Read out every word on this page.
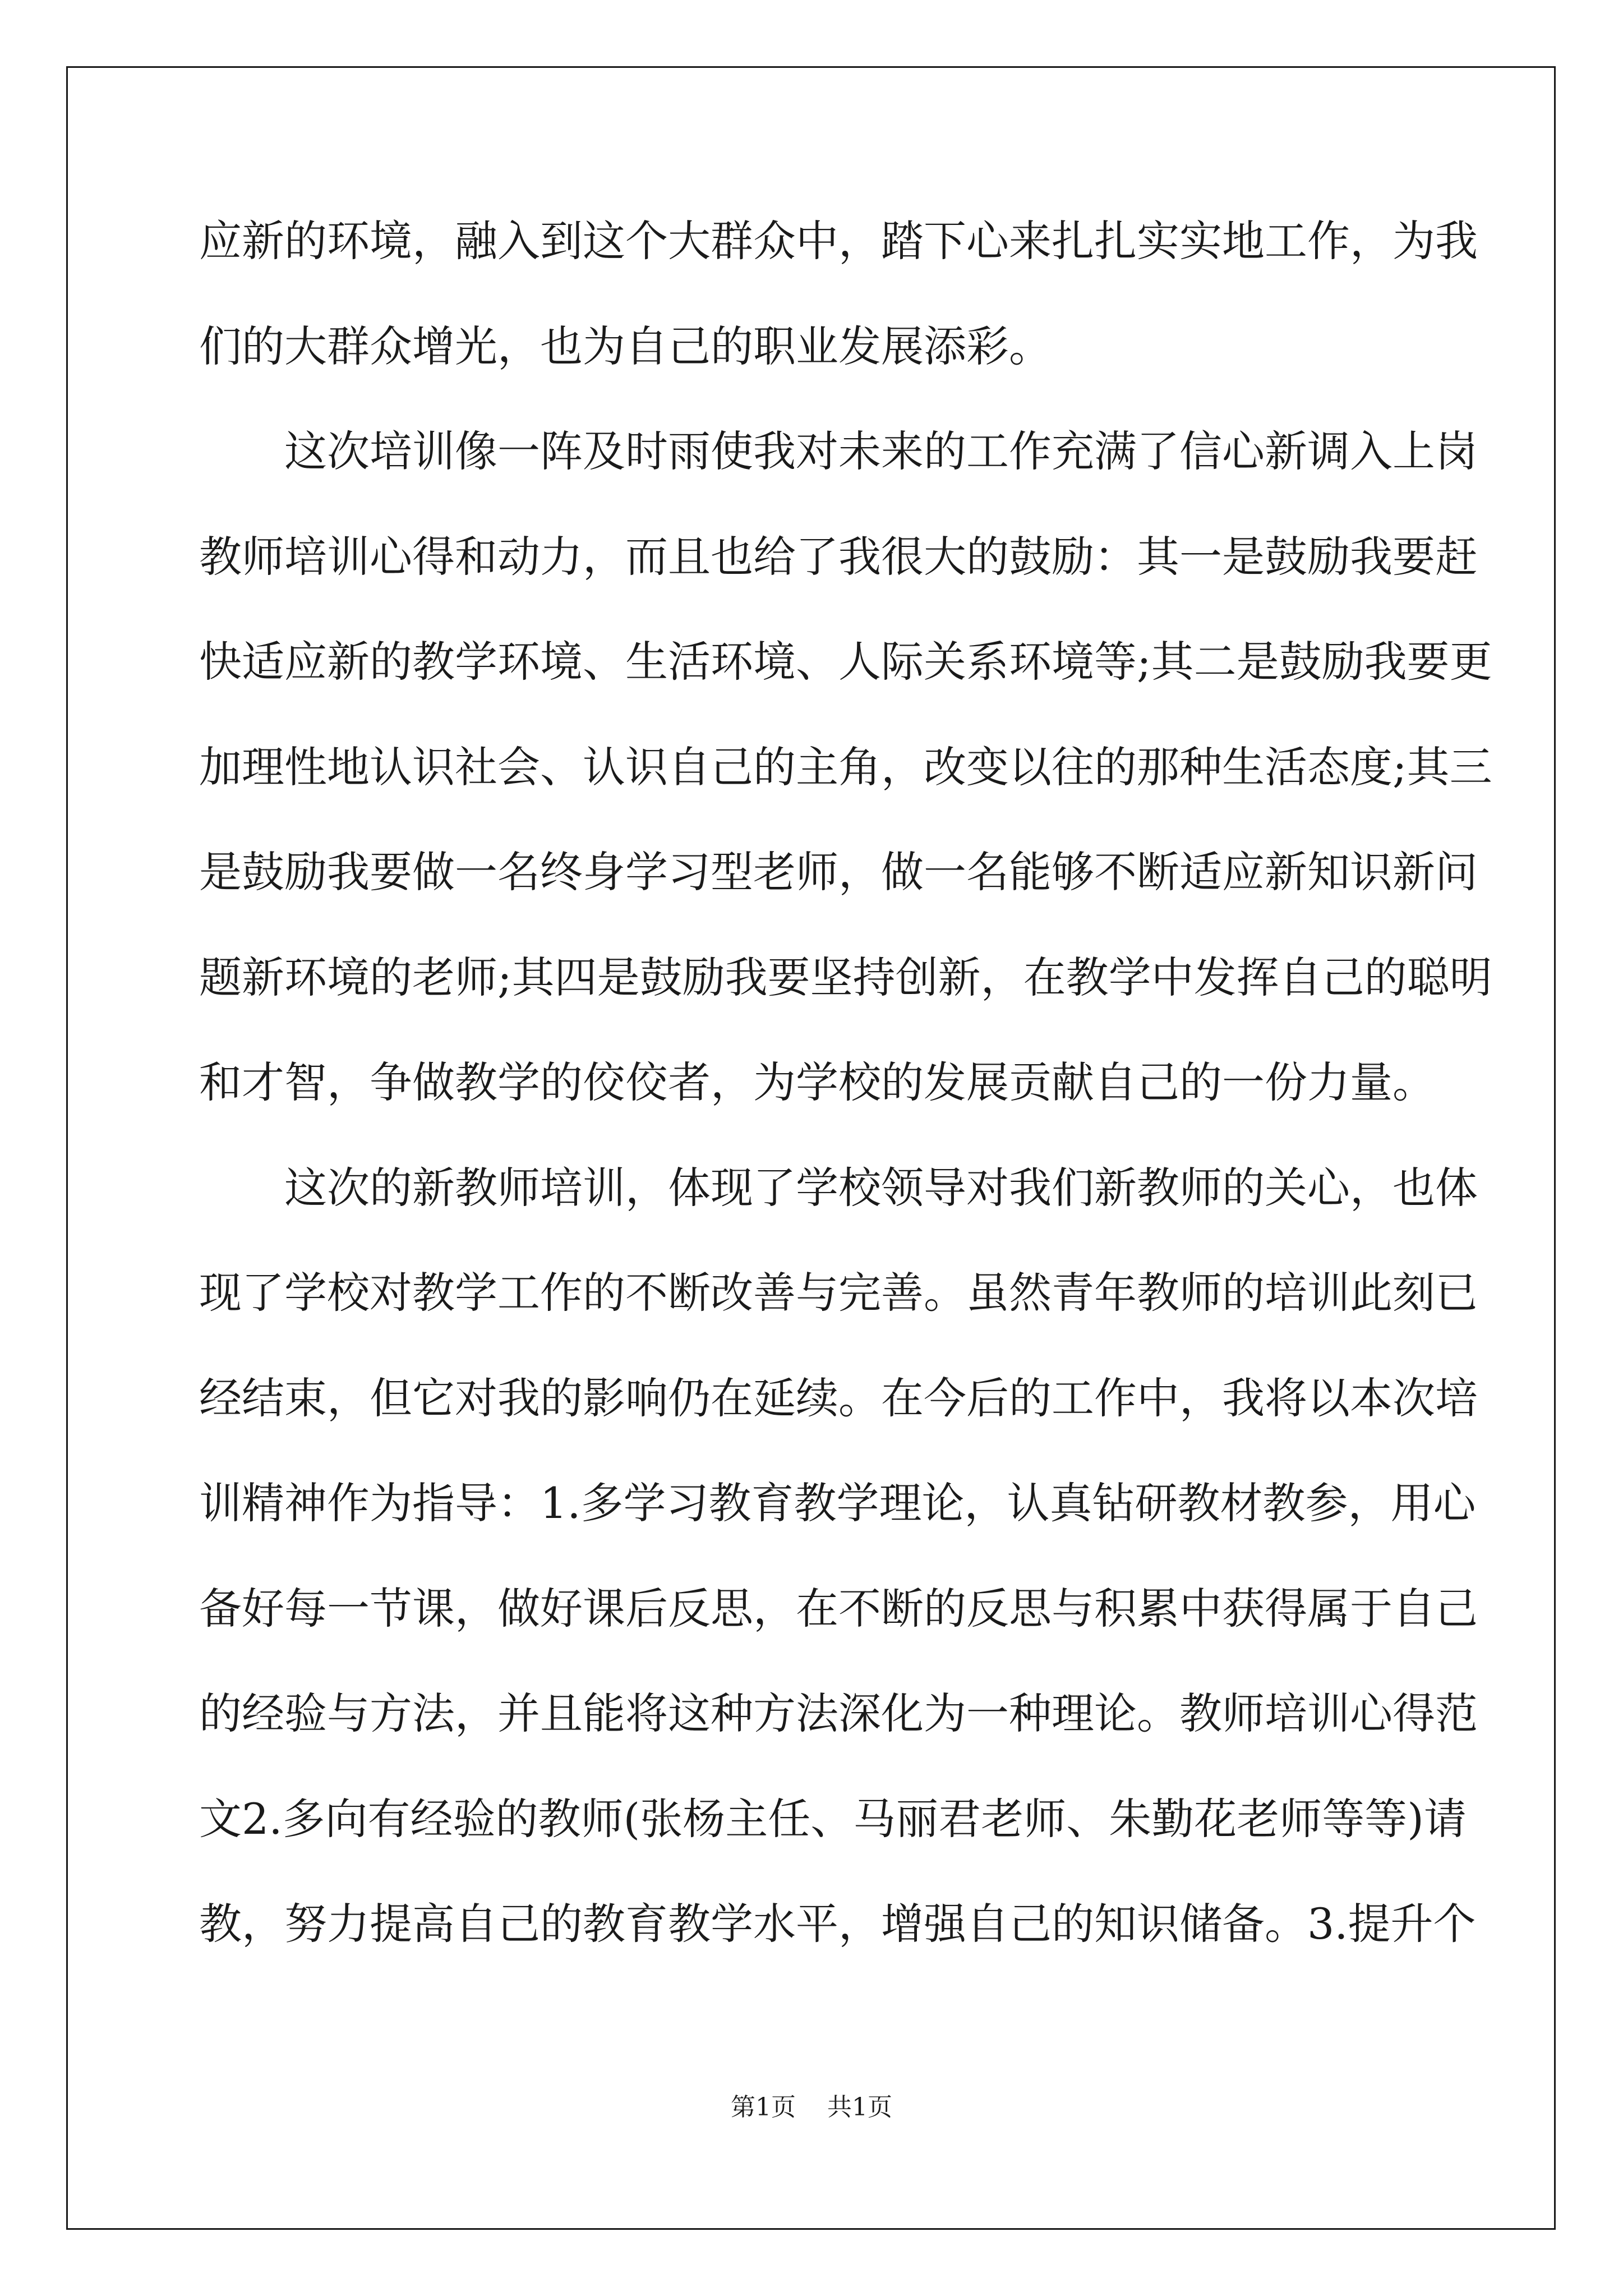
应 新 的 环 境 ， 融 入 到 这 个 大 群 众 中 ， 踏 下 心 来 扎 扎 实 实 地 工 作 ， 为 我
们的大群众增光，也为自己的职业发展添彩。
这 次 培 训 像 一 阵 及 时 雨 使 我 对 未 来 的 工 作 充 满 了 信 心 新 调 入 上 岗
教 师 培 训 心 得 和 动 力 ， 而 且 也 给 了 我 很 大 的 鼓 励 ： 其 一 是 鼓 励 我 要 赶
快 适 应 新 的 教 学 环 境 、 生 活 环 境 、 人 际 关 系 环 境 等 ; 其 二 是 鼓 励 我 要 更
加 理 性 地 认 识 社 会 、 认 识 自 己 的 主 角 ， 改 变 以 往 的 那 种 生 活 态 度 ; 其 三
是 鼓 励 我 要 做 一 名 终 身 学 习 型 老 师 ， 做 一 名 能 够 不 断 适 应 新 知 识 新 问
题 新 环 境 的 老 师 ; 其 四 是 鼓 励 我 要 坚 持 创 新 ， 在 教 学 中 发 挥 自 己 的 聪 明
和才智，争做教学的佼佼者，为学校的发展贡献自己的一份力量。
这 次 的 新 教 师 培 训 ， 体 现 了 学 校 领 导 对 我 们 新 教 师 的 关 心 ， 也 体
现 了 学 校 对 教 学 工 作 的 不 断 改 善 与 完 善 。 虽 然 青 年 教 师 的 培 训 此 刻 已
经 结 束 ， 但 它 对 我 的 影 响 仍 在 延 续 。 在 今 后 的 工 作 中 ， 我 将 以 本 次 培
训 精 神 作 为 指 导 ： 1 . 多 学 习 教 育 教 学 理 论 ， 认 真 钻 研 教 材 教 参 ， 用 心
备 好 每 一 节 课 ， 做 好 课 后 反 思 ， 在 不 断 的 反 思 与 积 累 中 获 得 属 于 自 己
的 经 验 与 方 法 ， 并 且 能 将 这 种 方 法 深 化 为 一 种 理 论 。 教 师 培 训 心 得 范
文 2 . 多 向 有 经 验 的 教 师 ( 张 杨 主 任 、 马 丽 君 老 师 、 朱 勤 花 老 师 等 等 ) 请
教 ， 努 力 提 高 自 己 的 教 育 教 学 水 平 ， 增 强 自 己 的 知 识 储 备 。 3 . 提 升 个
第1页 共1页
